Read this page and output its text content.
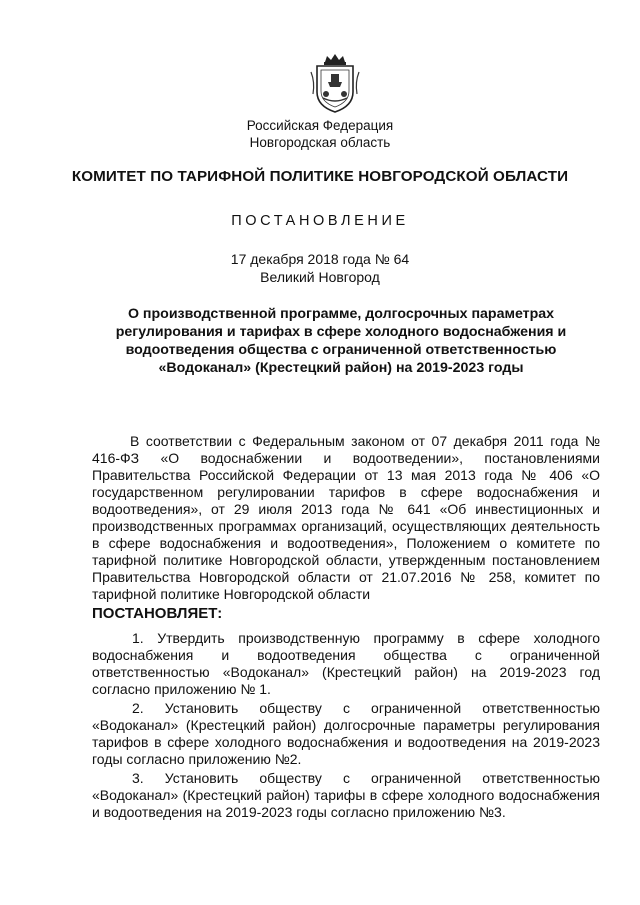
Российская Федерация
Новгородская область
КОМИТЕТ ПО ТАРИФНОЙ ПОЛИТИКЕ НОВГОРОДСКОЙ ОБЛАСТИ
ПОСТАНОВЛЕНИЕ
17 декабря 2018 года № 64
Великий Новгород
О производственной программе, долгосрочных параметрах регулирования и тарифах в сфере холодного водоснабжения и водоотведения общества с ограниченной ответственностью «Водоканал» (Крестецкий район) на 2019-2023 годы

В соответствии с Федеральным законом от 07 декабря 2011 года № 416-ФЗ «О водоснабжении и водоотведении», постановлениями Правительства Российской Федерации от 13 мая 2013 года № 406 «О государственном регулировании тарифов в сфере водоснабжения и водоотведения», от 29 июля 2013 года № 641 «Об инвестиционных и производственных программах организаций, осуществляющих деятельность в сфере водоснабжения и водоотведения», Положением о комитете по тарифной политике Новгородской области, утвержденным постановлением Правительства Новгородской области от 21.07.2016 № 258, комитет по тарифной политике Новгородской области

ПОСТАНОВЛЯЕТ:

1. Утвердить производственную программу в сфере холодного водоснабжения и водоотведения общества с ограниченной ответственностью «Водоканал» (Крестецкий район) на 2019-2023 год согласно приложению № 1.

2. Установить обществу с ограниченной ответственностью «Водоканал» (Крестецкий район) долгосрочные параметры регулирования тарифов в сфере холодного водоснабжения и водоотведения на 2019-2023 годы согласно приложению №2.

3. Установить обществу с ограниченной ответственностью «Водоканал» (Крестецкий район) тарифы в сфере холодного водоснабжения и водоотведения на 2019-2023 годы согласно приложению №3.
